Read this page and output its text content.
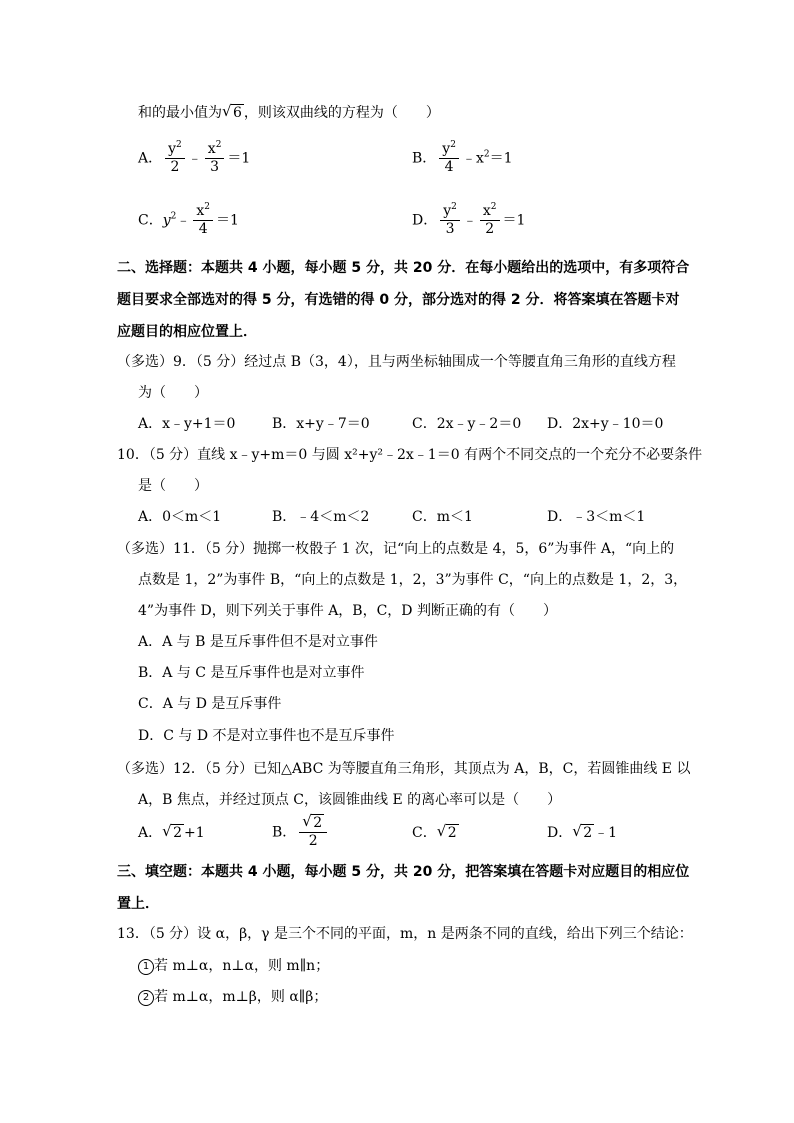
和的最小值为 √ 6 ，则该双曲线的方程为（　　）
A． $\frac{y^2}{2}$ ﹣ $\frac{x^2}{3} =1$	B． $\frac{y^2}{4}$ $﹣x^2=1$
C．$y^2﹣ \frac{x^2}{4} =1$	D． $\frac{y^2}{3}$ ﹣ $\frac{x^2}{2} =1$
二、选择题：本题共 4 小题，每小题 5 分，共 20 分．在每小题给出的选项中，有多项符合
题目要求全部选对的得 5 分，有选错的得 0 分，部分选对的得 2 分．将答案填在答题卡对
应题目的相应位置上．
（多选）9．（5 分）经过点 B（3，4），且与两坐标轴围成一个等腰直角三角形的直线方程
为（　　）
A．x﹣y+1＝0	B．x+y﹣7＝0	C．2x﹣y﹣2＝0 D．2x+y﹣10＝0
10．（5 分）直线 x﹣y+m＝0 与圆 x²+y²﹣2x﹣1＝0 有两个不同交点的一个充分不必要条件
是（　　）
A．0＜m＜1	B．﹣4＜m＜2	C．m＜1	D．﹣3＜m＜1
（多选）11．（5 分）抛掷一枚骰子 1 次，记“向上的点数是 4，5，6”为事件 A，“向上的
点数是 1，2”为事件 B，“向上的点数是 1，2，3”为事件 C，“向上的点数是 1，2，3，
4”为事件 D，则下列关于事件 A，B，C，D 判断正确的有（　　）
A．A 与 B 是互斥事件但不是对立事件
B．A 与 C 是互斥事件也是对立事件
C．A 与 D 是互斥事件
D．C 与 D 不是对立事件也不是互斥事件
（多选）12．（5 分）已知△ABC 为等腰直角三角形，其顶点为 A，B，C，若圆锥曲线 E 以
A，B 焦点，并经过顶点 C，该圆锥曲线 E 的离心率可以是（　　）
A． √ 2 +1	B． $\frac{√ 2}{2}$	C． √ 2	D． √ 2 ﹣1
三、填空题：本题共 4 小题，每小题 5 分，共 20 分，把答案填在答题卡对应题目的相应位
置上．
13．（5 分）设 α，β，γ 是三个不同的平面，m，n 是两条不同的直线，给出下列三个结论：
1 若 m⊥α，n⊥α，则 m∥n；
2 若 m⊥α，m⊥β，则 α∥β；
